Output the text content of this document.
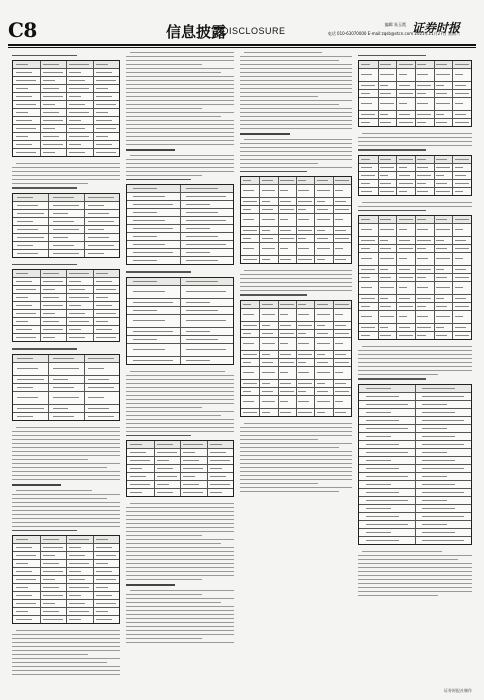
C8	信息披露
DISCLOSURE
编辑 朱玉霞
电话 010-63070000 E-mail:zqsb@stcn.com 2021年11月27日 星期六
证券时报
证券时报社制作
